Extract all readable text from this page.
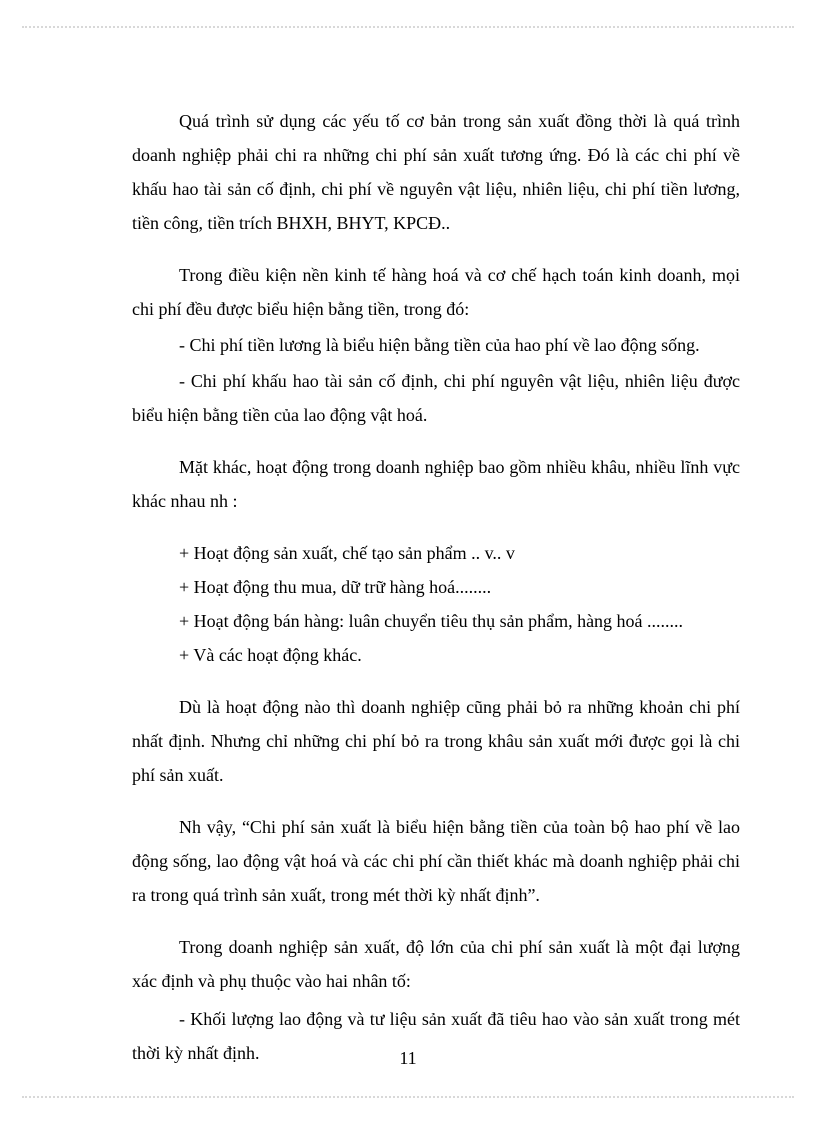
Quá trình sử dụng các yếu tố cơ bản trong sản xuất đồng thời là quá trình doanh nghiệp phải chi ra những chi phí sản xuất tương ứng. Đó là các chi phí về khấu hao tài sản cố định, chi phí về nguyên vật liệu, nhiên liệu, chi phí tiền lương, tiền công, tiền trích BHXH, BHYT, KPCĐ..

Trong điều kiện nền kinh tế hàng hoá và cơ chế hạch toán kinh doanh, mọi chi phí đều được biểu hiện bằng tiền, trong đó:

- Chi phí tiền lương là biểu hiện bằng tiền của hao phí về lao động sống.

- Chi phí khấu hao tài sản cố định, chi phí nguyên vật liệu, nhiên liệu được biểu hiện bằng tiền của lao động vật hoá.

Mặt khác, hoạt động trong doanh nghiệp bao gồm nhiều khâu, nhiều lĩnh vực khác nhau nh :

+ Hoạt động sản xuất, chế tạo sản phẩm .. v.. v

+ Hoạt động thu mua, dữ trữ hàng hoá........

+ Hoạt động bán hàng: luân chuyển tiêu thụ sản phẩm, hàng hoá ........

+ Và các hoạt động khác.

Dù là hoạt động nào thì doanh nghiệp cũng phải bỏ ra những khoản chi phí nhất định. Nhưng chỉ những chi phí bỏ ra trong khâu sản xuất mới được gọi là chi phí sản xuất.

Nh vậy, “Chi phí sản xuất là biểu hiện bằng tiền của toàn bộ hao phí về lao động sống, lao động vật hoá và các chi phí cần thiết khác mà doanh nghiệp phải chi ra trong quá trình sản xuất, trong mét thời kỳ nhất định”.

Trong doanh nghiệp sản xuất, độ lớn của chi phí sản xuất là một đại lượng xác định và phụ thuộc vào hai nhân tố:

- Khối lượng lao động và tư liệu sản xuất đã tiêu hao vào sản xuất trong mét thời kỳ nhất định.	11
